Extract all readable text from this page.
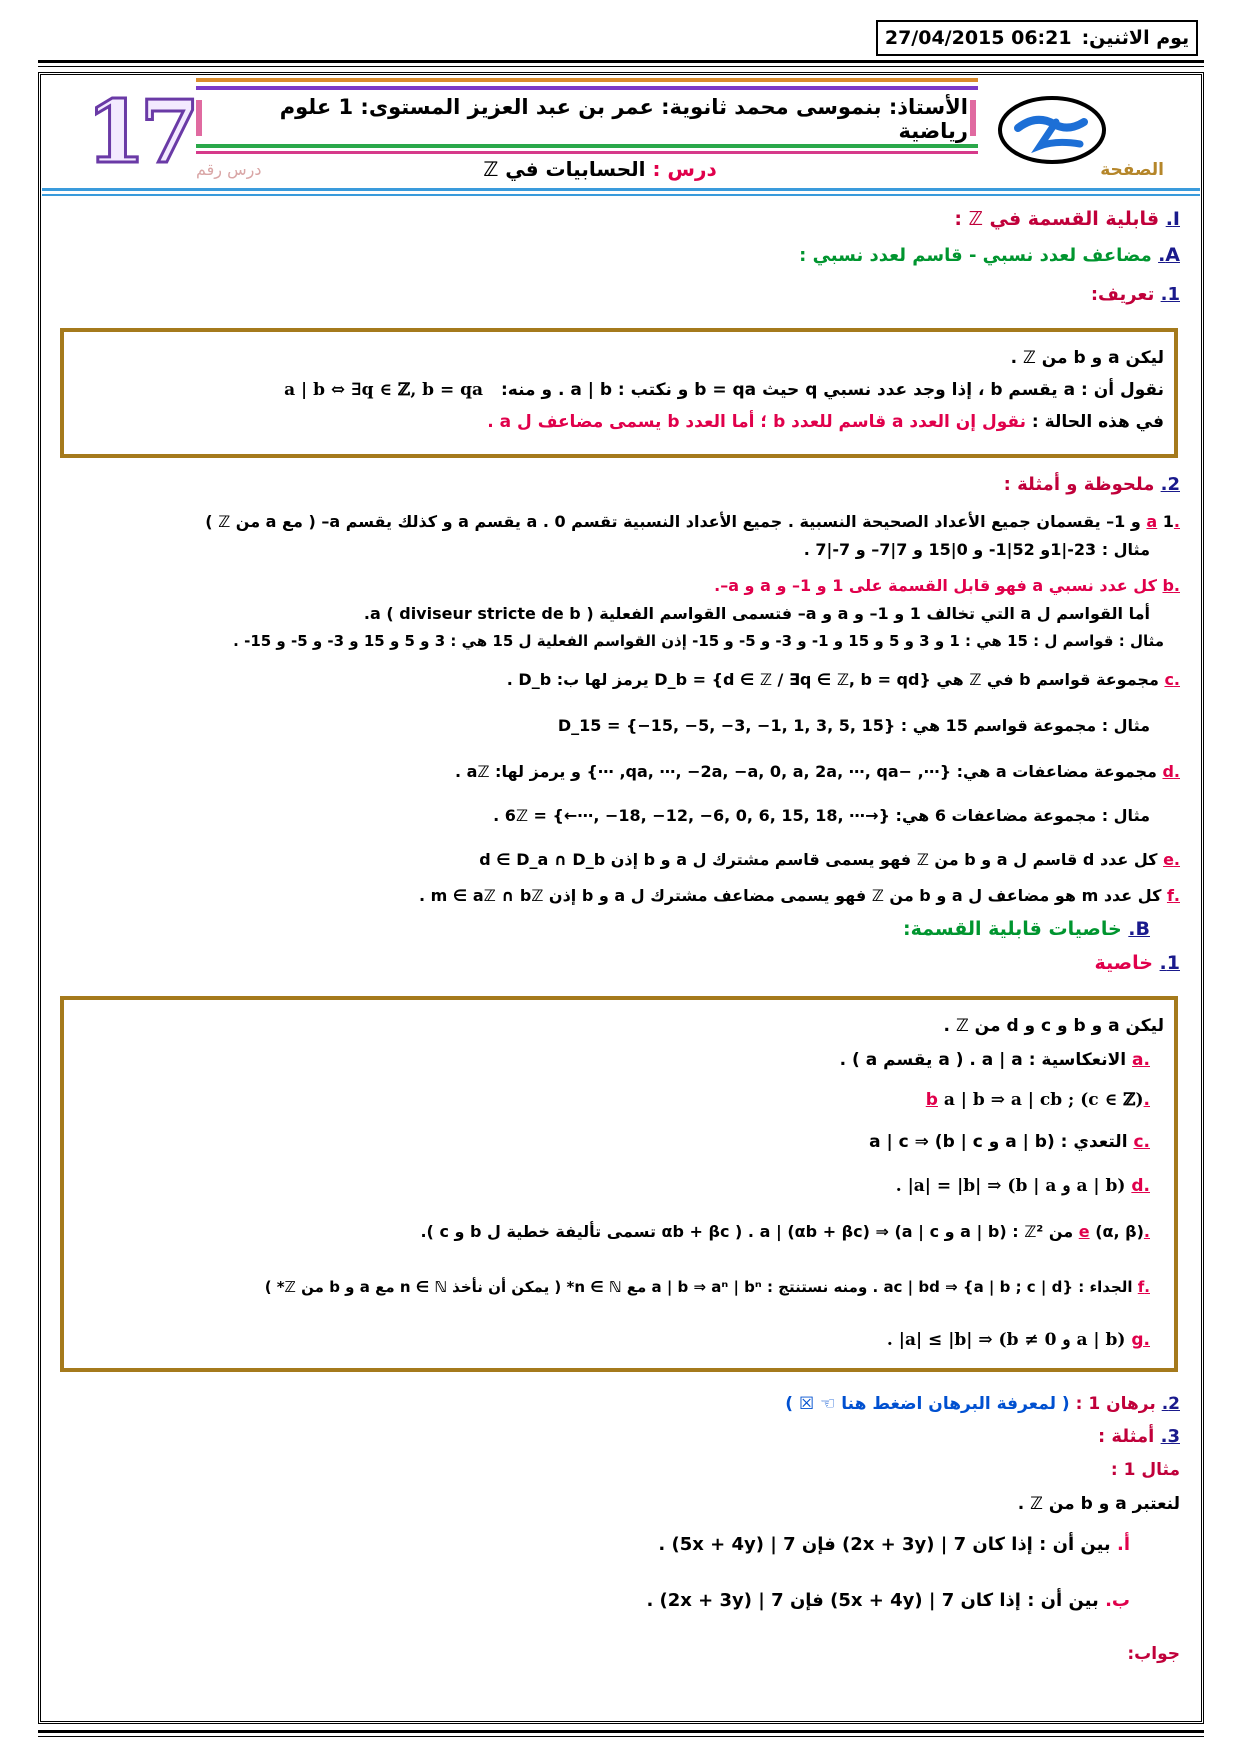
يوم الاثنين:
27/04/2015 06:21
17	الأستاذ: بنموسى محمد ثانوية: عمر بن عبد العزيز المستوى: 1 علوم رياضية
الصفحة
درس رقم	درس : الحسابيات في ℤ
I. قابلية القسمة في ℤ :
A. مضاعف لعدد نسبي - قاسم لعدد نسبي :
1. تعريف:
ليكن a و b من ℤ .
نقول أن : a يقسم b ، إذا وجد عدد نسبي q حيث b = qa و نكتب : a | b . و منه: a | b ⇔ ∃q ∈ ℤ, b = qa
في هذه الحالة : نقول إن العدد a قاسم للعدد b ؛ أما العدد b يسمى مضاعف ل a .
2. ملحوظة و أمثلة :
.a 1 و 1– يقسمان جميع الأعداد الصحيحة النسبية . جميع الأعداد النسبية تقسم 0 . a يقسم a و كذلك يقسم a– ( مع a من ℤ )
مثال : 23-|1و 52|1- و 0|15 و 7|7– و 7-|7 .
.b كل عدد نسبي a فهو قابل القسمة على 1 و 1– و a و a–.
أما القواسم ل a التي تخالف 1 و 1– و a و a– فتسمى القواسم الفعلية a ( diviseur stricte de b ).
مثال : قواسم ل : 15 هي : 1 و 3 و 5 و 15 و 1- و 3- و 5- و 15- إذن القواسم الفعلية ل 15 هي : 3 و 5 و 15 و 3- و 5- و 15- .
.c مجموعة قواسم b في ℤ هي D_b = {d ∈ ℤ / ∃q ∈ ℤ, b = qd} يرمز لها ب: D_b .
مثال : مجموعة قواسم 15 هي : D_15 = {−15, −5, −3, −1, 1, 3, 5, 15}
.d مجموعة مضاعفات a هي: {⋯, −qa, ⋯, −2a, −a, 0, a, 2a, ⋯, qa, ⋯} و يرمز لها: aℤ .
مثال : مجموعة مضاعفات 6 هي: 6ℤ = {←⋯, −18, −12, −6, 0, 6, 15, 18, ⋯→} .
.e كل عدد d قاسم ل a و b من ℤ فهو يسمى قاسم مشترك ل a و b إذن d ∈ D_a ∩ D_b
.f كل عدد m هو مضاعف ل a و b من ℤ فهو يسمى مضاعف مشترك ل a و b إذن m ∈ aℤ ∩ bℤ .
B. خاصيات قابلية القسمة:
1. خاصية
ليكن a و b و c و d من ℤ .
.a الانعكاسية : a | a . ( a يقسم a ) .
.b a | b ⇒ a | cb ; (c ∈ ℤ)
.c التعدي : (a | b و b | c) ⇒ a | c
.d (a | b و b | a) ⇒ |a| = |b| .
.e (α, β) من ℤ² : (a | b و a | c) ⇒ a | (αb + βc) . ( αb + βc تسمى تأليفة خطية ل b و c ).
.f الجداء : {a | b ; c | d} ⇒ ac | bd . ومنه نستنتج : a | b ⇒ aⁿ | bⁿ مع n ∈ ℕ* ( يمكن أن نأخذ n ∈ ℕ مع a و b من ℤ* )
.g (a | b و b ≠ 0) ⇒ |a| ≤ |b| .
2. برهان 1 : ( لمعرفة البرهان اضغط هنا ☜ ☒ )
3. أمثلة :
مثال 1 :
لنعتبر a و b من ℤ .
أ. بين أن : إذا كان 7 | (2x + 3y) فإن 7 | (5x + 4y) .
ب. بين أن : إذا كان 7 | (5x + 4y) فإن 7 | (2x + 3y) .
جواب:
